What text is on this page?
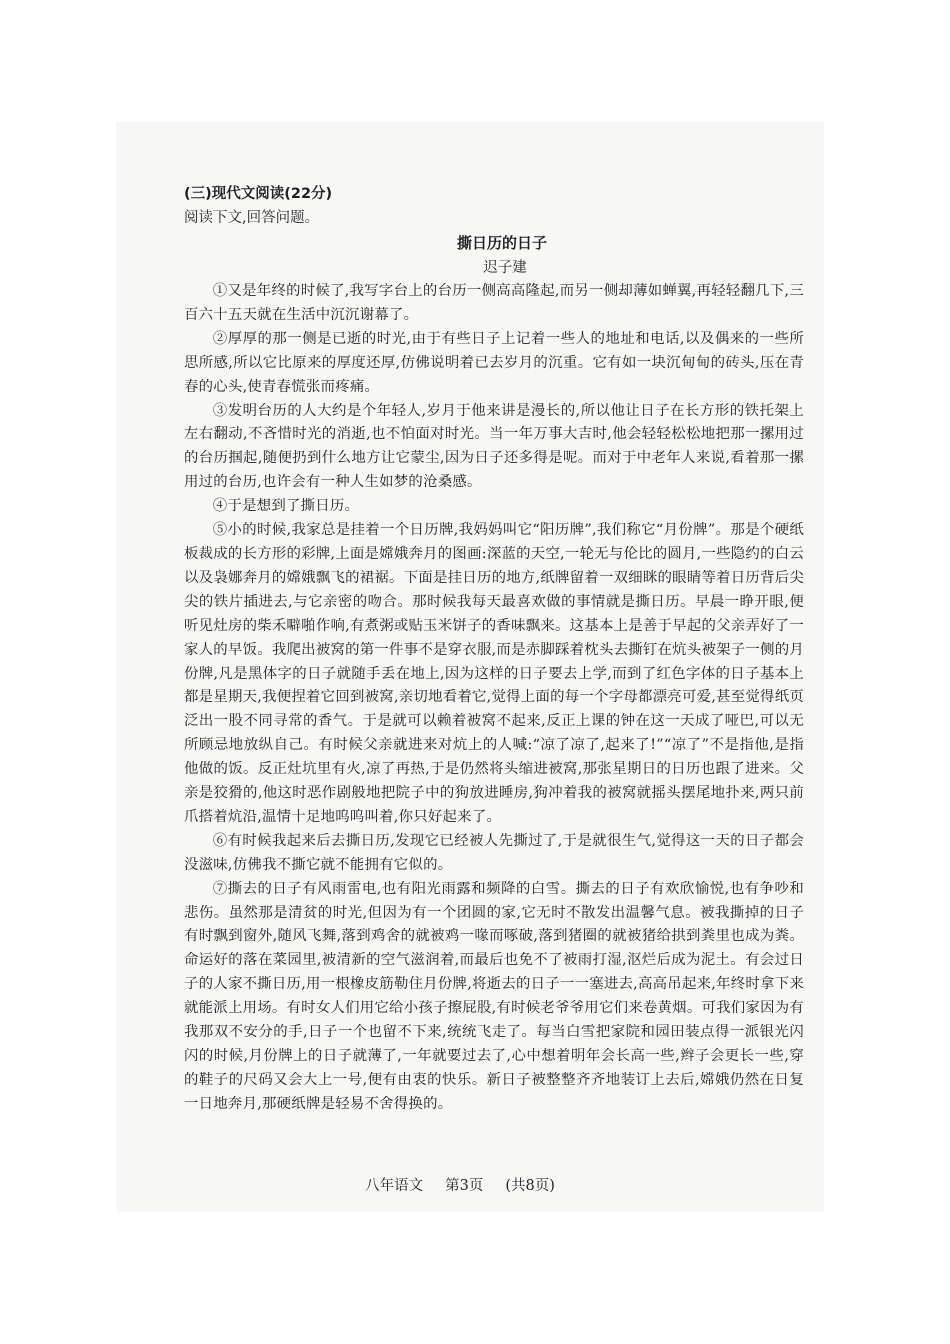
(三)现代文阅读(22分)

阅读下文,回答问题。

撕日历的日子

迟子建

①又是年终的时候了,我写字台上的台历一侧高高隆起,而另一侧却薄如蝉翼,再轻轻翻几下,三百六十五天就在生活中沉沉谢幕了。

②厚厚的那一侧是已逝的时光,由于有些日子上记着一些人的地址和电话,以及偶来的一些所思所感,所以它比原来的厚度还厚,仿佛说明着已去岁月的沉重。它有如一块沉甸甸的砖头,压在青春的心头,使青春慌张而疼痛。

③发明台历的人大约是个年轻人,岁月于他来讲是漫长的,所以他让日子在长方形的铁托架上左右翻动,不吝惜时光的消逝,也不怕面对时光。当一年万事大吉时,他会轻轻松松地把那一摞用过的台历掴起,随便扔到什么地方让它蒙尘,因为日子还多得是呢。而对于中老年人来说,看着那一摞用过的台历,也许会有一种人生如梦的沧桑感。

④于是想到了撕日历。

⑤小的时候,我家总是挂着一个日历牌,我妈妈叫它“阳历牌”,我们称它“月份牌”。那是个硬纸板裁成的长方形的彩牌,上面是嫦娥奔月的图画:深蓝的天空,一轮无与伦比的圆月,一些隐约的白云以及袅娜奔月的嫦娥飘飞的裙裾。下面是挂日历的地方,纸牌留着一双细眯的眼睛等着日历背后尖尖的铁片插进去,与它亲密的吻合。那时候我每天最喜欢做的事情就是撕日历。早晨一睁开眼,便听见灶房的柴禾噼啪作响,有煮粥或贴玉米饼子的香味飘来。这基本上是善于早起的父亲弄好了一家人的早饭。我爬出被窝的第一件事不是穿衣服,而是赤脚踩着枕头去撕钉在炕头被架子一侧的月份牌,凡是黑体字的日子就随手丢在地上,因为这样的日子要去上学,而到了红色字体的日子基本上都是星期天,我便捏着它回到被窝,亲切地看着它,觉得上面的每一个字母都漂亮可爱,甚至觉得纸页泛出一股不同寻常的香气。于是就可以赖着被窝不起来,反正上课的钟在这一天成了哑巴,可以无所顾忌地放纵自己。有时候父亲就进来对炕上的人喊:“凉了凉了,起来了!”“凉了”不是指他,是指他做的饭。反正灶坑里有火,凉了再热,于是仍然将头缩进被窝,那张星期日的日历也跟了进来。父亲是狡猾的,他这时恶作剧般地把院子中的狗放进睡房,狗冲着我的被窝就摇头摆尾地扑来,两只前爪搭着炕沿,温情十足地呜呜叫着,你只好起来了。

⑥有时候我起来后去撕日历,发现它已经被人先撕过了,于是就很生气,觉得这一天的日子都会没滋味,仿佛我不撕它就不能拥有它似的。

⑦撕去的日子有风雨雷电,也有阳光雨露和频降的白雪。撕去的日子有欢欣愉悦,也有争吵和悲伤。虽然那是清贫的时光,但因为有一个团圆的家,它无时不散发出温馨气息。被我撕掉的日子有时飘到窗外,随风飞舞,落到鸡舍的就被鸡一喙而啄破,落到猪圈的就被猪给拱到粪里也成为粪。命运好的落在菜园里,被清新的空气滋润着,而最后也免不了被雨打湿,沤烂后成为泥土。有会过日子的人家不撕日历,用一根橡皮筋勒住月份牌,将逝去的日子一一塞进去,高高吊起来,年终时拿下来就能派上用场。有时女人们用它给小孩子擦屁股,有时候老爷爷用它们来卷黄烟。可我们家因为有我那双不安分的手,日子一个也留不下来,统统飞走了。每当白雪把家院和园田装点得一派银光闪闪的时候,月份牌上的日子就薄了,一年就要过去了,心中想着明年会长高一些,辫子会更长一些,穿的鞋子的尺码又会大上一号,便有由衷的快乐。新日子被整整齐齐地装订上去后,嫦娥仍然在日复一日地奔月,那硬纸牌是轻易不舍得换的。

八年语文 第3页 (共8页)
